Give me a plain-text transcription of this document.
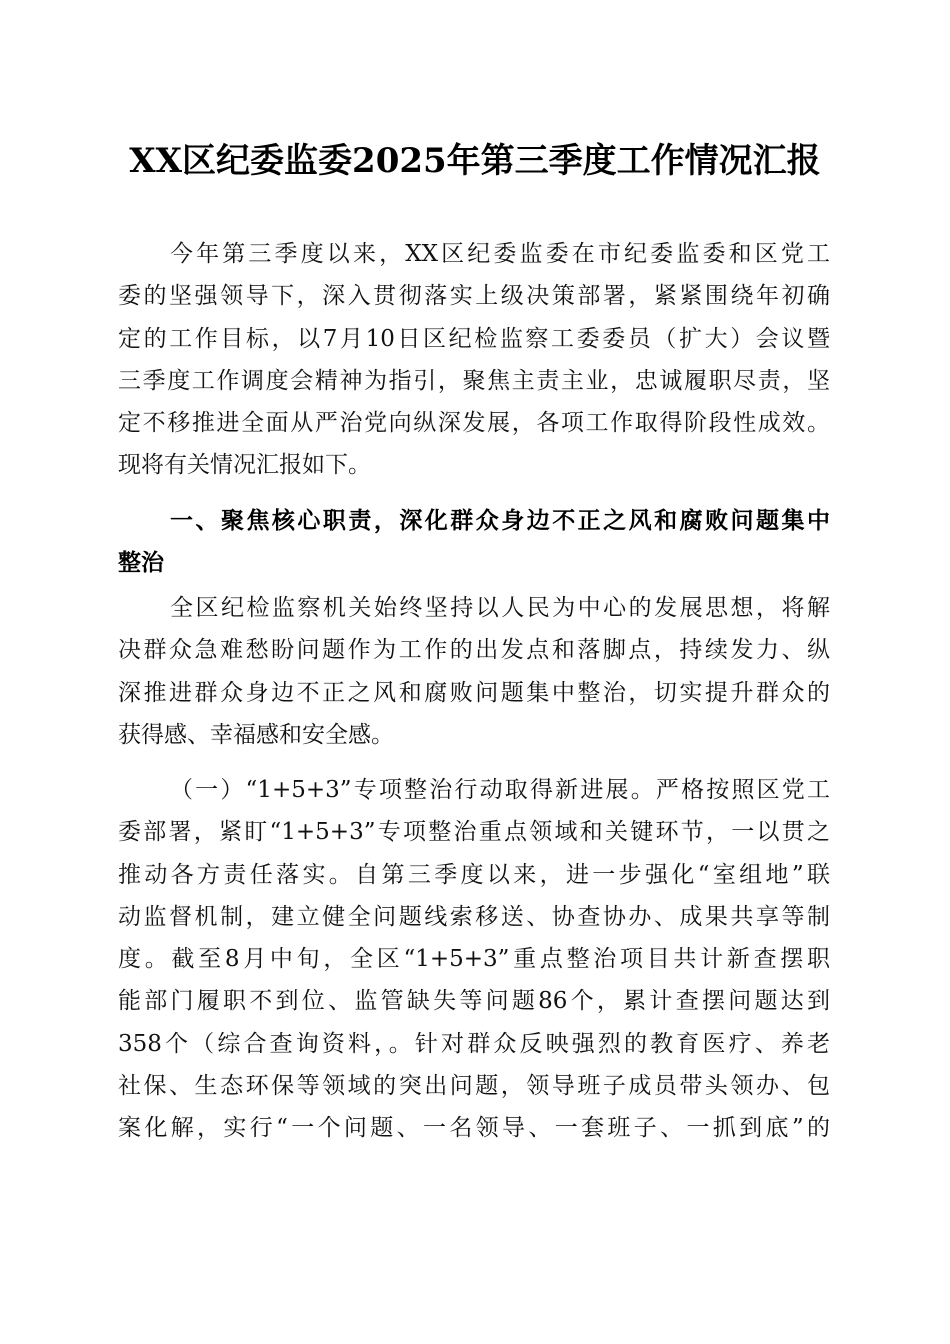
XX区纪委监委2025年第三季度工作情况汇报
今年第三季度以来，XX区纪委监委在市纪委监委和区党工
委的坚强领导下，深入贯彻落实上级决策部署，紧紧围绕年初确
定的工作目标，以7月10日区纪检监察工委委员（扩大）会议暨
三季度工作调度会精神为指引，聚焦主责主业，忠诚履职尽责，坚
定不移推进全面从严治党向纵深发展，各项工作取得阶段性成效。
现将有关情况汇报如下。
一、聚焦核心职责，深化群众身边不正之风和腐败问题集中
整治
全区纪检监察机关始终坚持以人民为中心的发展思想，将解
决群众急难愁盼问题作为工作的出发点和落脚点，持续发力、纵
深推进群众身边不正之风和腐败问题集中整治，切实提升群众的
获得感、幸福感和安全感。
（一）“1+5+3”专项整治行动取得新进展。严格按照区党工
委部署，紧盯“1+5+3”专项整治重点领域和关键环节，一以贯之
推动各方责任落实。自第三季度以来，进一步强化“室组地”联
动监督机制，建立健全问题线索移送、协查协办、成果共享等制
度。截至8月中旬，全区“1+5+3”重点整治项目共计新查摆职
能部门履职不到位、监管缺失等问题86个，累计查摆问题达到
358个（综合查询资料，。针对群众反映强烈的教育医疗、养老
社保、生态环保等领域的突出问题，领导班子成员带头领办、包
案化解，实行“一个问题、一名领导、一套班子、一抓到底”的
